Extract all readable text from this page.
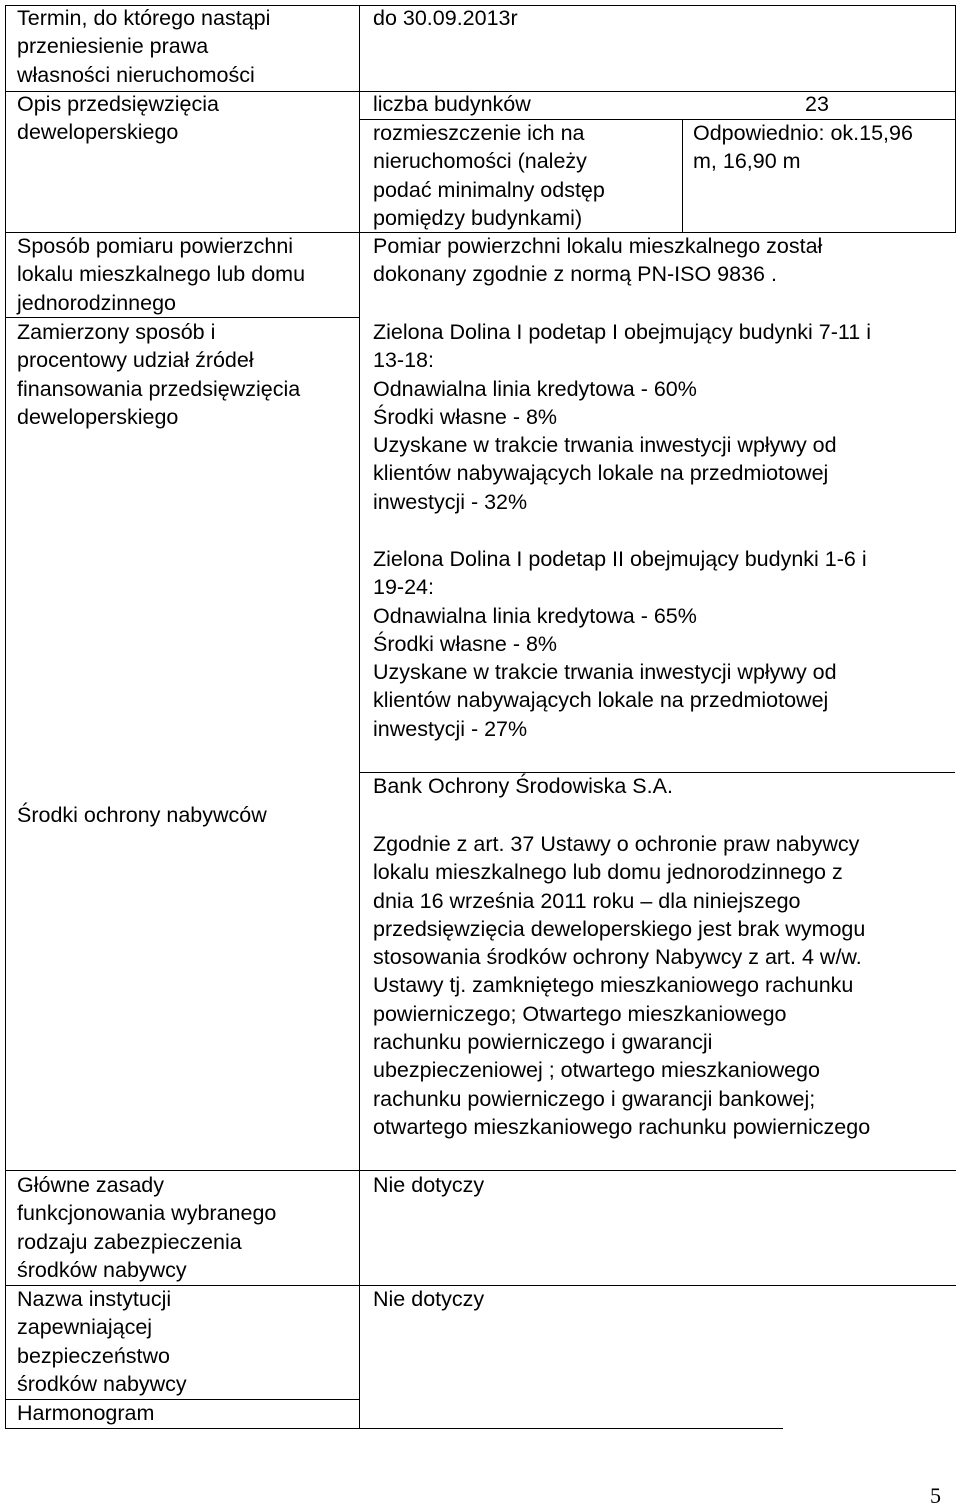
Termin, do którego nastąpi
przeniesienie prawa
własności nieruchomości
do 30.09.2013r
Opis przedsięwzięcia
deweloperskiego
liczba budynków	23
rozmieszczenie ich na
nieruchomości (należy
podać minimalny odstęp
pomiędzy budynkami)
Odpowiednio: ok.15,96
m, 16,90 m
Sposób pomiaru powierzchni
lokalu mieszkalnego lub domu
jednorodzinnego
Pomiar powierzchni lokalu mieszkalnego został
dokonany zgodnie z normą PN-ISO 9836 .
Zamierzony sposób i
procentowy udział źródeł
finansowania przedsięwzięcia
deweloperskiego
Zielona Dolina I podetap I obejmujący budynki 7-11 i
13-18:
Odnawialna linia kredytowa - 60%
Środki własne - 8%
Uzyskane w trakcie trwania inwestycji wpływy od
klientów nabywających lokale na przedmiotowej
inwestycji - 32%
Zielona Dolina I podetap II obejmujący budynki 1-6 i
19-24:
Odnawialna linia kredytowa - 65%
Środki własne - 8%
Uzyskane w trakcie trwania inwestycji wpływy od
klientów nabywających lokale na przedmiotowej
inwestycji - 27%
Środki ochrony nabywców
Bank Ochrony Środowiska S.A.
Zgodnie z art. 37 Ustawy o ochronie praw nabywcy
lokalu mieszkalnego lub domu jednorodzinnego z
dnia 16 września 2011 roku – dla niniejszego
przedsięwzięcia deweloperskiego jest brak wymogu
stosowania środków ochrony Nabywcy z art. 4 w/w.
Ustawy tj. zamkniętego mieszkaniowego rachunku
powierniczego; Otwartego mieszkaniowego
rachunku powierniczego i gwarancji
ubezpieczeniowej ; otwartego mieszkaniowego
rachunku powierniczego i gwarancji bankowej;
otwartego mieszkaniowego rachunku powierniczego
Główne zasady
funkcjonowania wybranego
rodzaju zabezpieczenia
środków nabywcy
Nie dotyczy
Nazwa instytucji
zapewniającej
bezpieczeństwo
środków nabywcy
Nie dotyczy
Harmonogram
5
